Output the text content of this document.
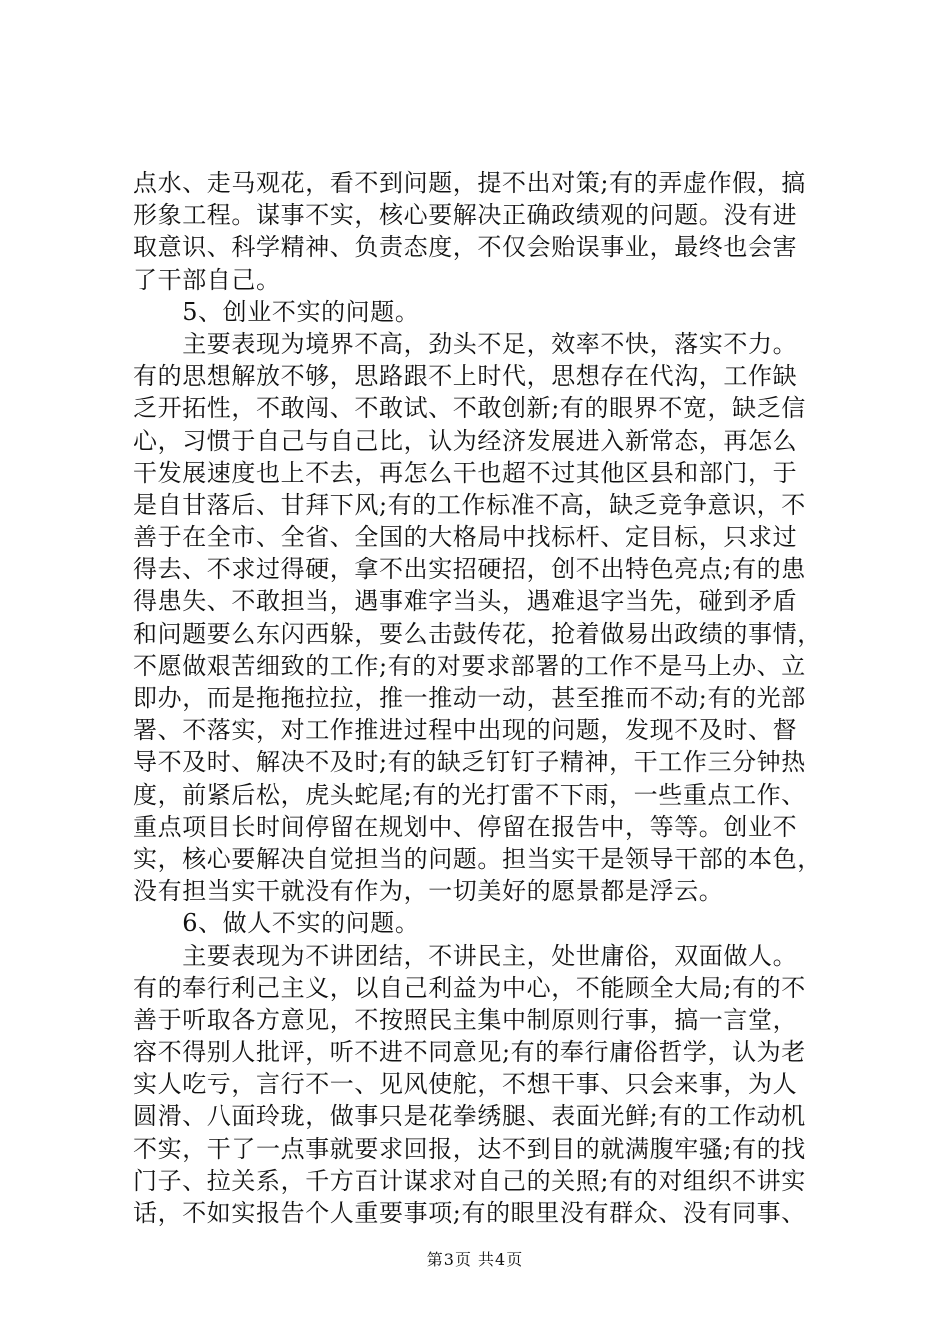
点水、走马观花，看不到问题，提不出对策;有的弄虚作假，搞
形象工程。谋事不实，核心要解决正确政绩观的问题。没有进
取意识、科学精神、负责态度，不仅会贻误事业，最终也会害
了干部自己。
　　5、创业不实的问题。
　　主要表现为境界不高，劲头不足，效率不快，落实不力。
有的思想解放不够，思路跟不上时代，思想存在代沟，工作缺
乏开拓性，不敢闯、不敢试、不敢创新;有的眼界不宽，缺乏信
心，习惯于自己与自己比，认为经济发展进入新常态，再怎么
干发展速度也上不去，再怎么干也超不过其他区县和部门，于
是自甘落后、甘拜下风;有的工作标准不高，缺乏竞争意识，不
善于在全市、全省、全国的大格局中找标杆、定目标，只求过
得去、不求过得硬，拿不出实招硬招，创不出特色亮点;有的患
得患失、不敢担当，遇事难字当头，遇难退字当先，碰到矛盾
和问题要么东闪西躲，要么击鼓传花，抢着做易出政绩的事情，
不愿做艰苦细致的工作;有的对要求部署的工作不是马上办、立
即办，而是拖拖拉拉，推一推动一动，甚至推而不动;有的光部
署、不落实，对工作推进过程中出现的问题，发现不及时、督
导不及时、解决不及时;有的缺乏钉钉子精神，干工作三分钟热
度，前紧后松，虎头蛇尾;有的光打雷不下雨，一些重点工作、
重点项目长时间停留在规划中、停留在报告中，等等。创业不
实，核心要解决自觉担当的问题。担当实干是领导干部的本色，
没有担当实干就没有作为，一切美好的愿景都是浮云。
　　6、做人不实的问题。
　　主要表现为不讲团结，不讲民主，处世庸俗，双面做人。
有的奉行利己主义，以自己利益为中心，不能顾全大局;有的不
善于听取各方意见，不按照民主集中制原则行事，搞一言堂，
容不得别人批评，听不进不同意见;有的奉行庸俗哲学，认为老
实人吃亏，言行不一、见风使舵，不想干事、只会来事，为人
圆滑、八面玲珑，做事只是花拳绣腿、表面光鲜;有的工作动机
不实，干了一点事就要求回报，达不到目的就满腹牢骚;有的找
门子、拉关系，千方百计谋求对自己的关照;有的对组织不讲实
话，不如实报告个人重要事项;有的眼里没有群众、没有同事、
第3页 共4页
